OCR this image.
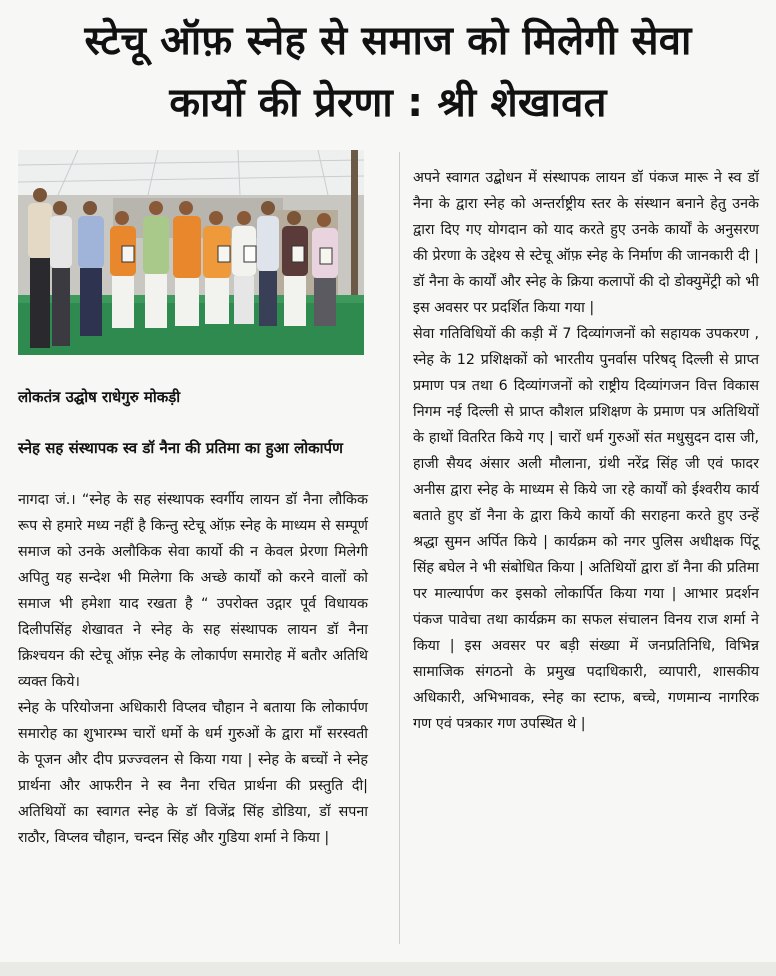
स्टेचू ऑफ़ स्नेह से समाज को मिलेगी सेवा
कार्यो की प्रेरणा : श्री शेखावत
लोकतंत्र उद्घोष राधेगुरु मोकड़ी
स्नेह सह संस्थापक स्व डॉ नैना की प्रतिमा का हुआ लोकार्पण

नागदा जं.। “स्नेह के सह संस्थापक स्वर्गीय लायन डॉ नैना लौकिक रूप से हमारे मध्य नहीं है किन्तु स्टेचू ऑफ़ स्नेह के माध्यम से सम्पूर्ण समाज को उनके अलौकिक सेवा कार्यो की न केवल प्रेरणा मिलेगी अपितु यह सन्देश भी मिलेगा कि अच्छे कार्यों को करने वालों को समाज भी हमेशा याद रखता है “ उपरोक्त उद्गार पूर्व विधायक दिलीपसिंह शेखावत ने स्नेह के सह संस्थापक लायन डॉ नैना क्रिश्चयन की स्टेचू ऑफ़ स्नेह के लोकार्पण समारोह में बतौर अतिथि व्यक्त किये।

स्नेह के परियोजना अधिकारी विप्लव चौहान ने बताया कि लोकार्पण समारोह का शुभारम्भ चारों धर्मो के धर्म गुरुओं के द्वारा माँ सरस्वती के पूजन और दीप प्रज्ज्वलन से किया गया | स्नेह के बच्चों ने स्नेह प्रार्थना और आफरीन ने स्व नैना रचित प्रार्थना की प्रस्तुति दी| अतिथियों का स्वागत स्नेह के डॉ विजेंद्र सिंह डोडिया, डॉ सपना राठौर, विप्लव चौहान, चन्दन सिंह और गुडिया शर्मा ने किया |

अपने स्वागत उद्बोधन में संस्थापक लायन डॉ पंकज मारू ने स्व डॉ नैना के द्वारा स्नेह को अन्तर्राष्ट्रीय स्तर के संस्थान बनाने हेतु उनके द्वारा दिए गए योगदान को याद करते हुए उनके कार्यों के अनुसरण की प्रेरणा के उद्देश्य से स्टेचू ऑफ़ स्नेह के निर्माण की जानकारी दी | डॉ नैना के कार्यों और स्नेह के क्रिया कलापों की दो डोक्युमेंट्री को भी इस अवसर पर प्रदर्शित किया गया |

सेवा गतिविधियों की कड़ी में 7 दिव्यांगजनों को सहायक उपकरण , स्नेह के 12 प्रशिक्षकों को भारतीय पुनर्वास परिषद् दिल्ली से प्राप्त प्रमाण पत्र तथा 6 दिव्यांगजनों को राष्ट्रीय दिव्यांगजन वित्त विकास निगम नई दिल्ली से प्राप्त कौशल प्रशिक्षण के प्रमाण पत्र अतिथियों के हाथों वितरित किये गए | चारों धर्म गुरुओं संत मधुसुदन दास जी, हाजी सैयद अंसार अली मौलाना, ग्रंथी नरेंद्र सिंह जी एवं फादर अनीस द्वारा स्नेह के माध्यम से किये जा रहे कार्यों को ईश्वरीय कार्य बताते हुए डॉ नैना के द्वारा किये कार्यो की सराहना करते हुए उन्हें श्रद्धा सुमन अर्पित किये | कार्यक्रम को नगर पुलिस अधीक्षक पिंटू सिंह बघेल ने भी संबोधित किया | अतिथियों द्वारा डॉ नैना की प्रतिमा पर माल्यार्पण कर इसको लोकार्पित किया गया | आभार प्रदर्शन पंकज पावेचा तथा कार्यक्रम का सफल संचालन विनय राज शर्मा ने किया | इस अवसर पर बड़ी संख्या में जनप्रतिनिधि, विभिन्न सामाजिक संगठनो के प्रमुख पदाधिकारी, व्यापारी, शासकीय अधिकारी, अभिभावक, स्नेह का स्टाफ, बच्चे, गणमान्य नागरिक गण एवं पत्रकार गण उपस्थित थे |
